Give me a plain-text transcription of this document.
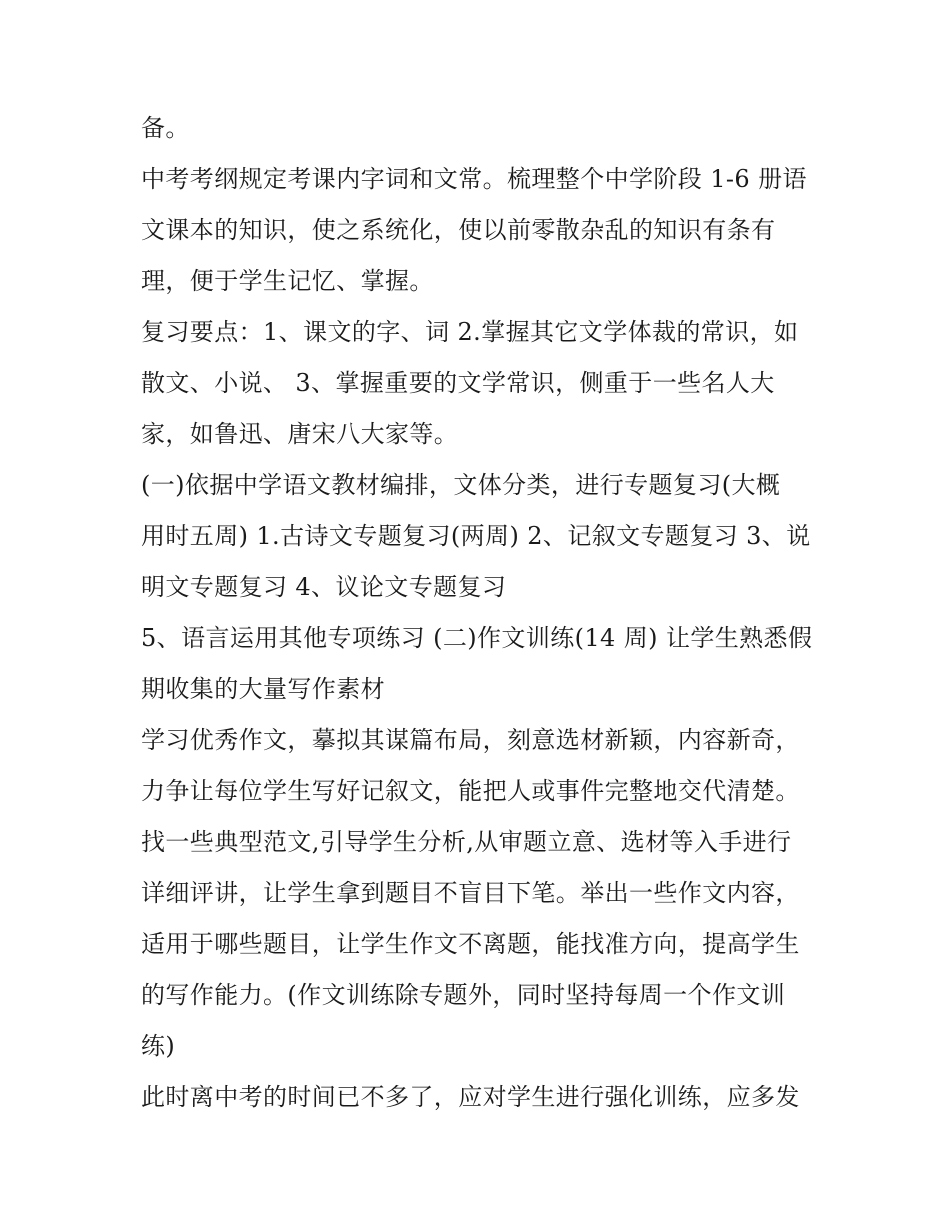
备。
中考考纲规定考课内字词和文常。梳理整个中学阶段 1-6 册语
文课本的知识，使之系统化，使以前零散杂乱的知识有条有
理，便于学生记忆、掌握。
复习要点：1、课文的字、词 2.掌握其它文学体裁的常识，如
散文、小说、 3、掌握重要的文学常识，侧重于一些名人大
家，如鲁迅、唐宋八大家等。
(一)依据中学语文教材编排，文体分类，进行专题复习(大概
用时五周) 1.古诗文专题复习(两周) 2、记叙文专题复习 3、说
明文专题复习 4、议论文专题复习
5、语言运用其他专项练习 (二)作文训练(14 周) 让学生熟悉假
期收集的大量写作素材
学习优秀作文，摹拟其谋篇布局，刻意选材新颖，内容新奇，
力争让每位学生写好记叙文，能把人或事件完整地交代清楚。
找一些典型范文,引导学生分析,从审题立意、选材等入手进行
详细评讲，让学生拿到题目不盲目下笔。举出一些作文内容，
适用于哪些题目，让学生作文不离题，能找准方向，提高学生
的写作能力。(作文训练除专题外，同时坚持每周一个作文训
练)
此时离中考的时间已不多了，应对学生进行强化训练，应多发
